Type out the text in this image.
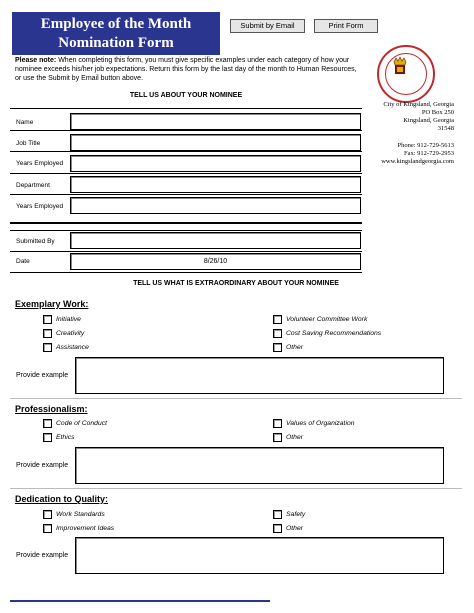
Employee of the Month
Nomination Form
Submit by Email	Print Form
Please note: When completing this form, you must give specific examples under each category of how your nominee exceeds his/her job expectations. Return this form by the last day of the month to Human Resources, or use the Submit by Email button above.
City of Kingsland, Georgia
PO Box 250
Kingsland, Georgia
31548
Phone: 912-729-5613
Fax: 912-729-2953
www.kingslandgeorgia.com
TELL US ABOUT YOUR NOMINEE
Name
Job Title
Years Employed
Department
Years Employed
Submitted By
Date	8/26/10
TELL US WHAT IS EXTRAORDINARY ABOUT YOUR NOMINEE
Exemplary Work:
Initiative
Creativity
Assistance
Volunteer Committee Work
Cost Saving Recommendations
Other
Provide example
Professionalism:
Code of Conduct
Ethics
Values of Organization
Other
Provide example
Dedication to Quality:
Work Standards
Improvement Ideas
Safety
Other
Provide example
